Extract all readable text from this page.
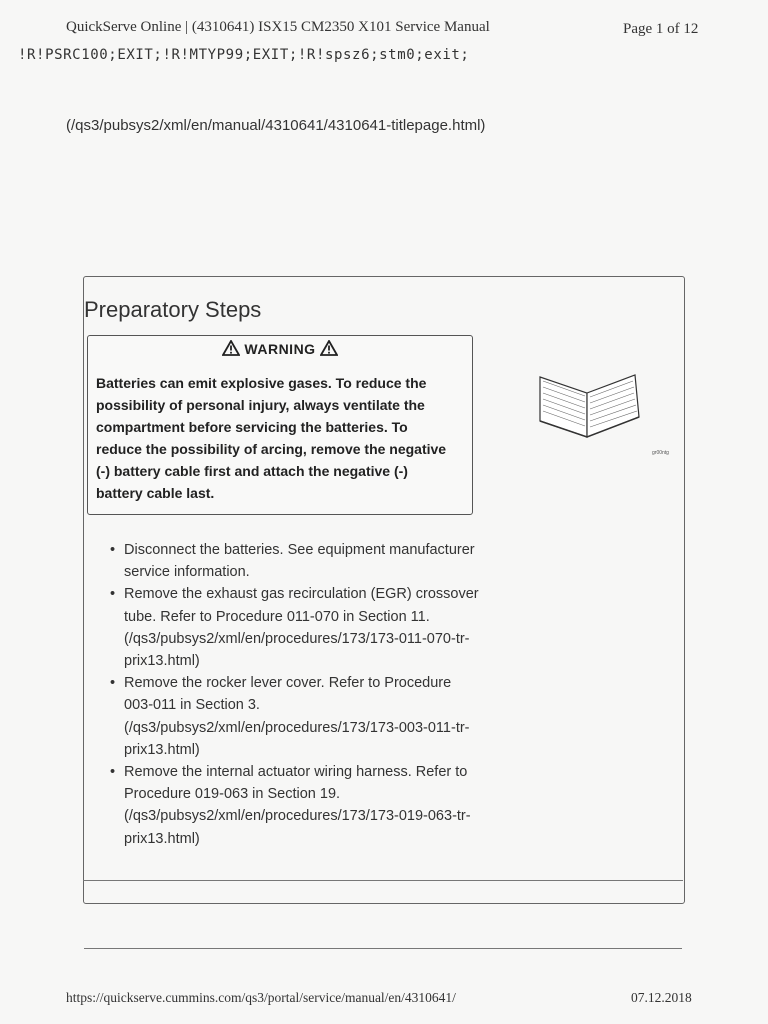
QuickServe Online | (4310641) ISX15 CM2350 X101 Service Manual	Page 1 of 12
!R!PSRC100;EXIT;!R!MTYP99;EXIT;!R!spsz6;stm0;exit;
(/qs3/pubsys2/xml/en/manual/4310641/4310641-titlepage.html)
Preparatory Steps
WARNING
Batteries can emit explosive gases. To reduce the possibility of personal injury, always ventilate the compartment before servicing the batteries. To reduce the possibility of arcing, remove the negative (-) battery cable first and attach the negative (-) battery cable last.
gr00ntg
• Disconnect the batteries. See equipment manufacturer service information.
• Remove the exhaust gas recirculation (EGR) crossover tube. Refer to Procedure 011-070 in Section 11. (/qs3/pubsys2/xml/en/procedures/173/173-011-070-tr-prix13.html)
• Remove the rocker lever cover. Refer to Procedure 003-011 in Section 3. (/qs3/pubsys2/xml/en/procedures/173/173-003-011-tr-prix13.html)
• Remove the internal actuator wiring harness. Refer to Procedure 019-063 in Section 19. (/qs3/pubsys2/xml/en/procedures/173/173-019-063-tr-prix13.html)
https://quickserve.cummins.com/qs3/portal/service/manual/en/4310641/	07.12.2018
